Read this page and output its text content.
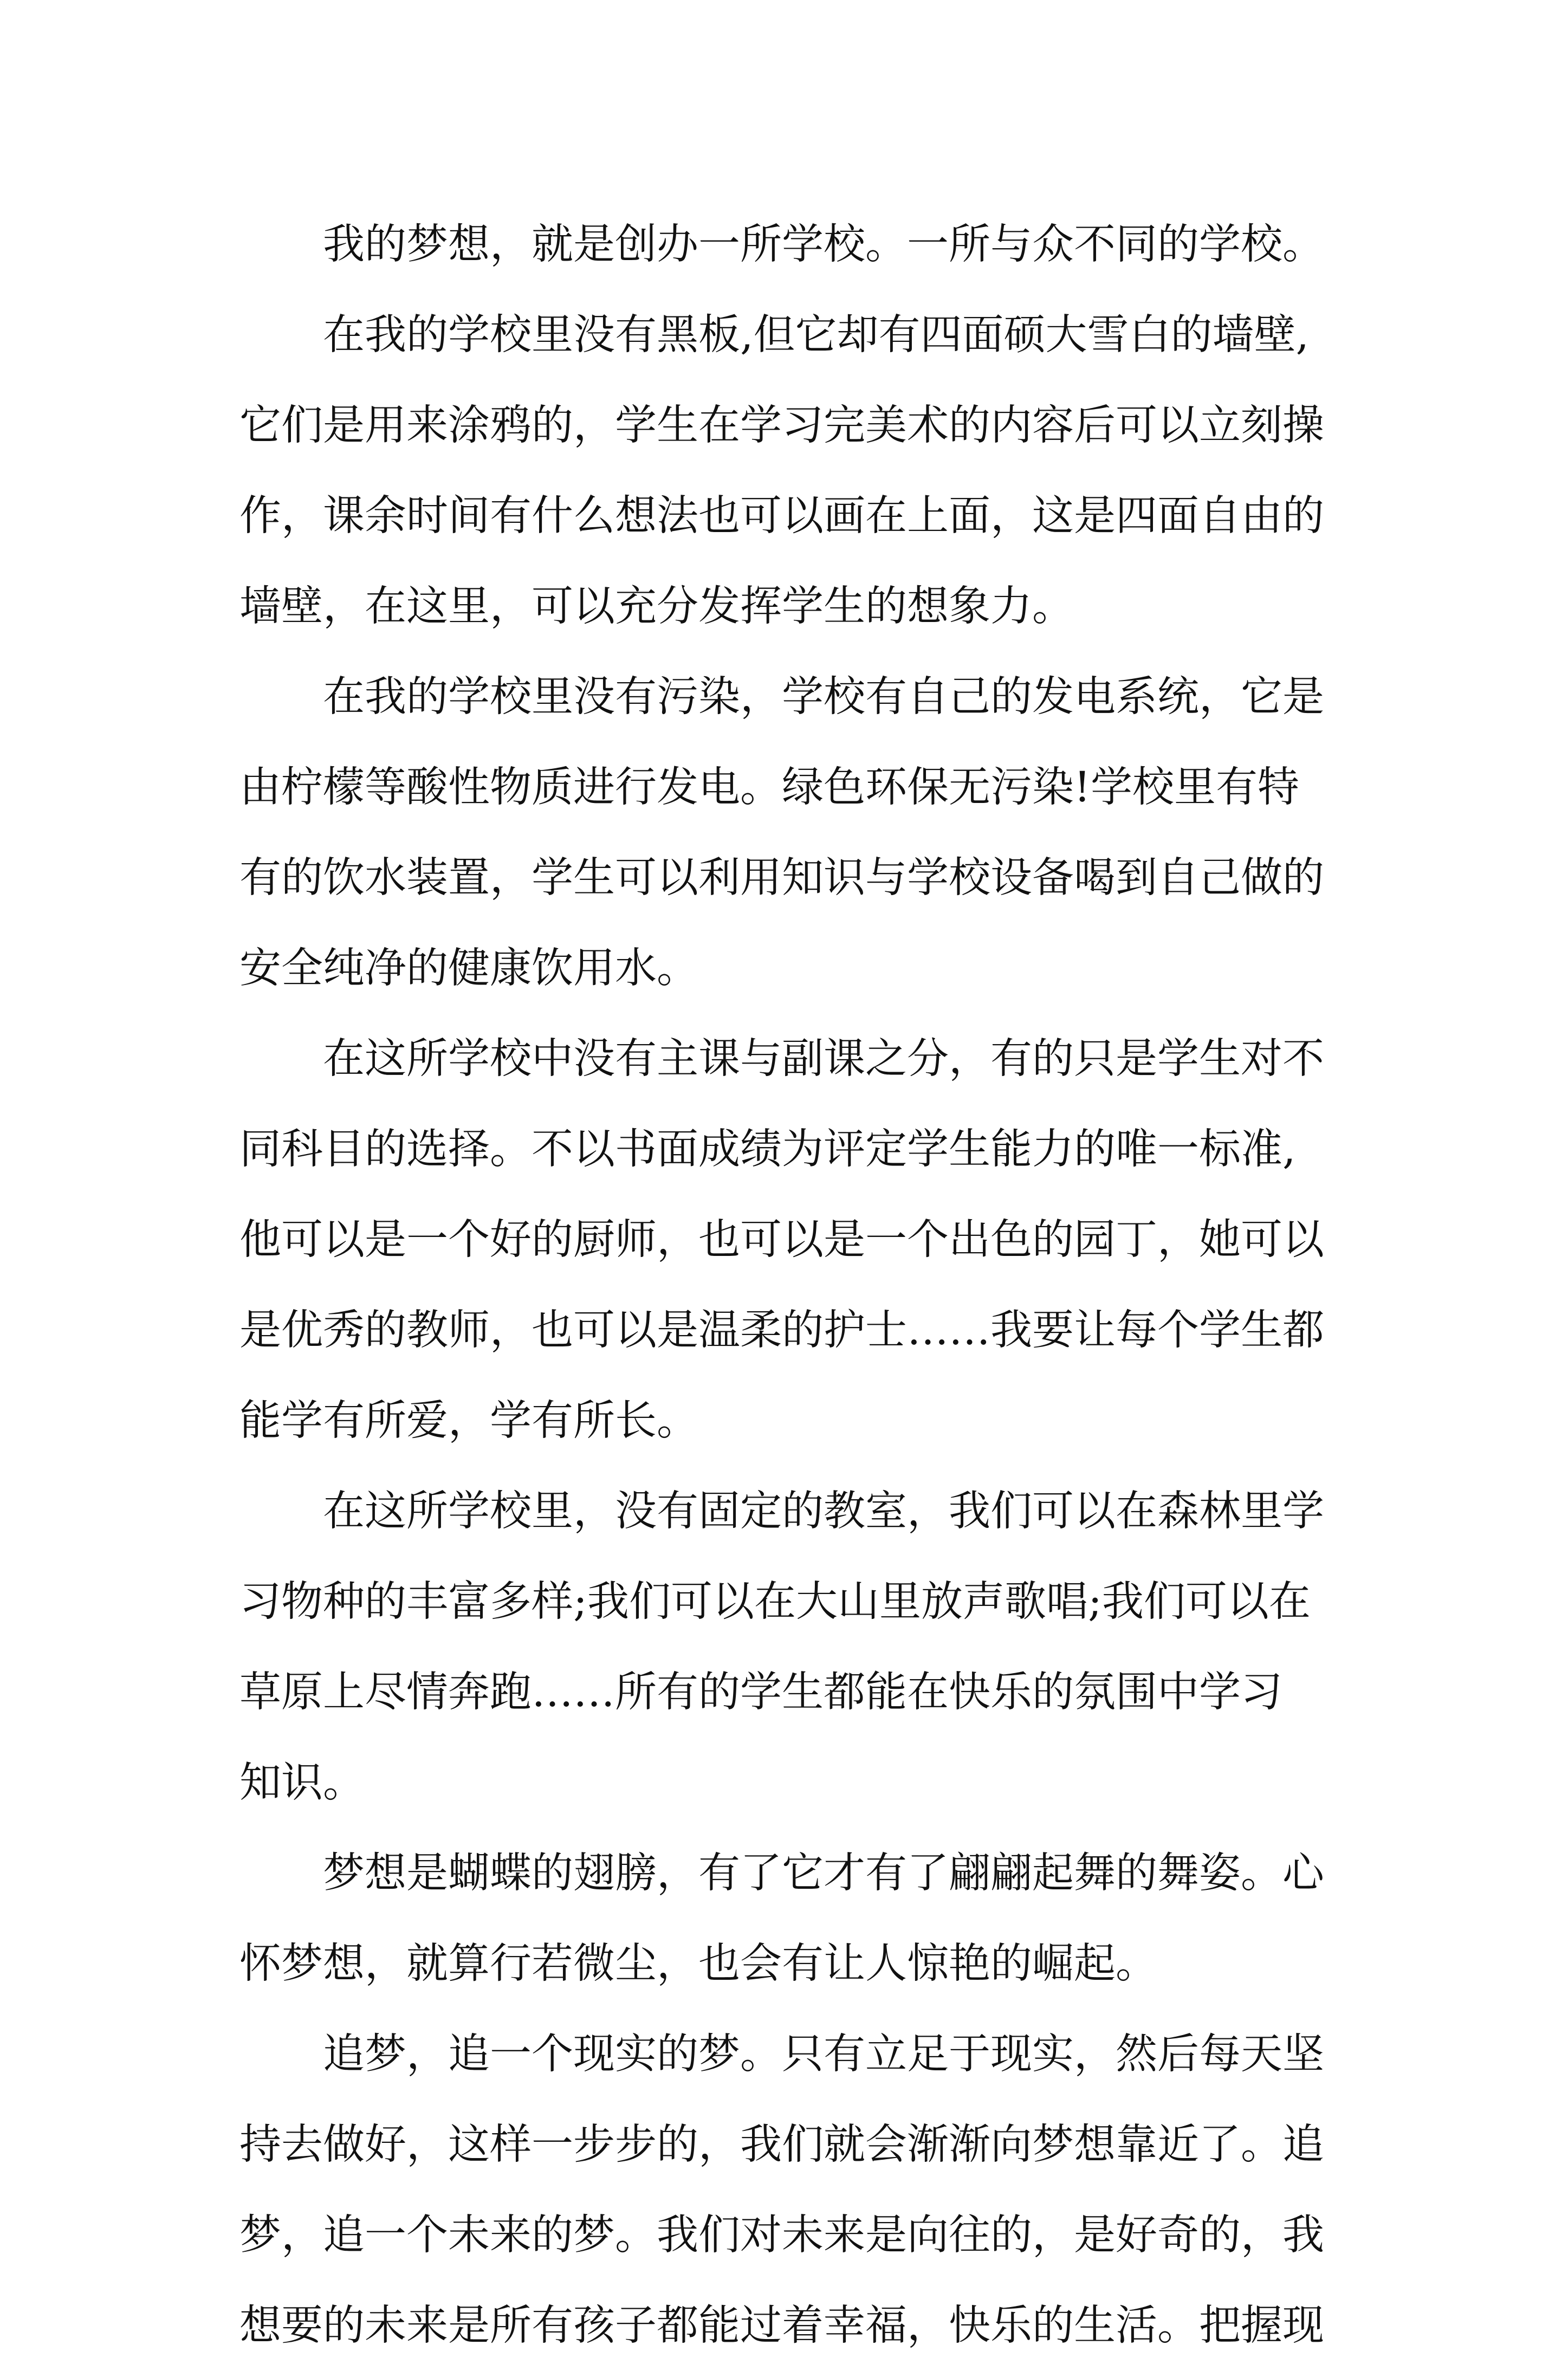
我的梦想，就是创办一所学校。一所与众不同的学校。

在我的学校里没有黑板,但它却有四面硕大雪白的墙壁,
它们是用来涂鸦的，学生在学习完美术的内容后可以立刻操
作，课余时间有什么想法也可以画在上面，这是四面自由的
墙壁，在这里，可以充分发挥学生的想象力。

在我的学校里没有污染，学校有自己的发电系统，它是
由柠檬等酸性物质进行发电。绿色环保无污染!学校里有特
有的饮水装置，学生可以利用知识与学校设备喝到自己做的
安全纯净的健康饮用水。

在这所学校中没有主课与副课之分，有的只是学生对不
同科目的选择。不以书面成绩为评定学生能力的唯一标准,
他可以是一个好的厨师，也可以是一个出色的园丁，她可以
是优秀的教师，也可以是温柔的护士……我要让每个学生都
能学有所爱，学有所长。

在这所学校里，没有固定的教室，我们可以在森林里学
习物种的丰富多样;我们可以在大山里放声歌唱;我们可以在
草原上尽情奔跑……所有的学生都能在快乐的氛围中学习
知识。

梦想是蝴蝶的翅膀，有了它才有了翩翩起舞的舞姿。心
怀梦想，就算行若微尘，也会有让人惊艳的崛起。

追梦，追一个现实的梦。只有立足于现实，然后每天坚
持去做好，这样一步步的，我们就会渐渐向梦想靠近了。追
梦，追一个未来的梦。我们对未来是向往的，是好奇的，我
想要的未来是所有孩子都能过着幸福，快乐的生活。把握现
